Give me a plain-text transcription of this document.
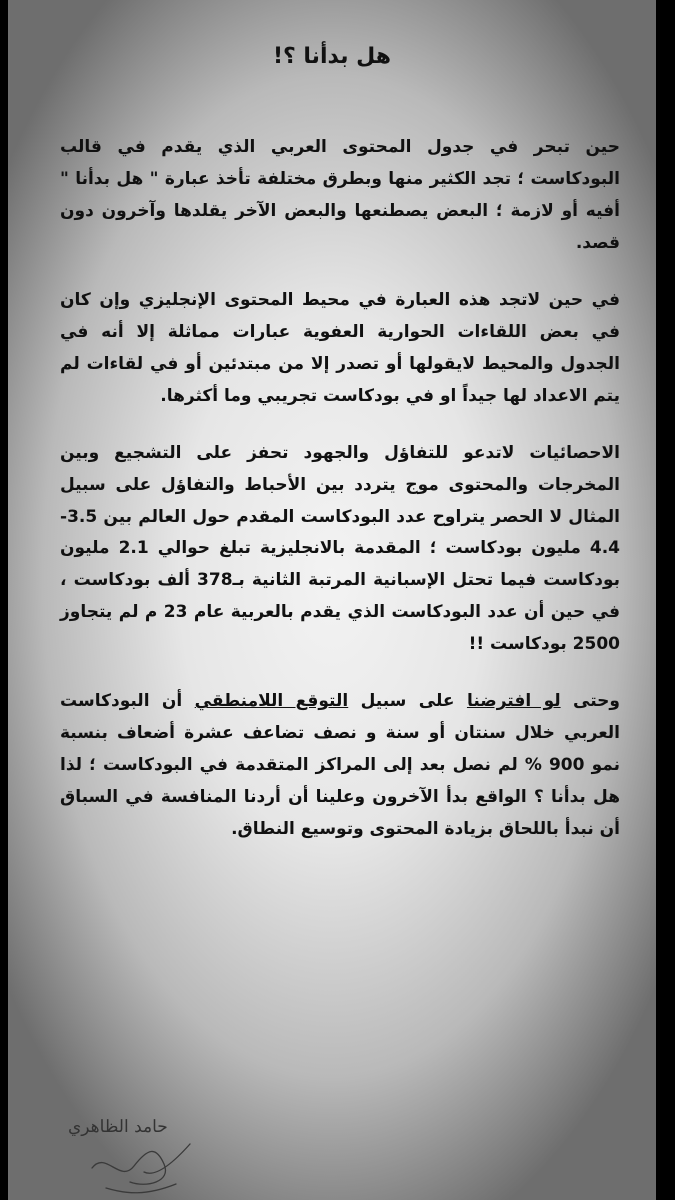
هل بدأنا ؟!

حين تبحر في جدول المحتوى العربي الذي يقدم في قالب البودكاست ؛ تجد الكثير منها وبطرق مختلفة تأخذ عبارة " هل بدأنا " أفيه أو لازمة ؛ البعض يصطنعها والبعض الآخر يقلدها وآخرون دون قصد.

في حين لاتجد هذه العبارة في محيط المحتوى الإنجليزي وإن كان في بعض اللقاءات الحوارية العفوية عبارات مماثلة إلا أنه في الجدول والمحيط لايقولها أو تصدر إلا من مبتدئين أو في لقاءات لم يتم الاعداد لها جيداً او في بودكاست تجريبي وما أكثرها.

الاحصائيات لاتدعو للتفاؤل والجهود تحفز على التشجيع وبين المخرجات والمحتوى موج يتردد بين الأحباط والتفاؤل على سبيل المثال لا الحصر يتراوح عدد البودكاست المقدم حول العالم بين 3.5-4.4 مليون بودكاست ؛ المقدمة بالانجليزية تبلغ حوالي 2.1 مليون بودكاست فيما تحتل الإسبانية المرتبة الثانية بـ378 ألف بودكاست ، في حين أن عدد البودكاست الذي يقدم بالعربية عام 23 م لم يتجاوز 2500 بودكاست !!

وحتى لو افترضنا على سبيل التوقع اللامنطقي أن البودكاست العربي خلال سنتان أو سنة و نصف تضاعف عشرة أضعاف بنسبة نمو 900 % لم نصل بعد إلى المراكز المتقدمة في البودكاست ؛ لذا هل بدأنا ؟ الواقع بدأ الآخرون وعلينا أن أردنا المنافسة في السباق أن نبدأ باللحاق بزيادة المحتوى وتوسيع النطاق.

حامد الظاهري
